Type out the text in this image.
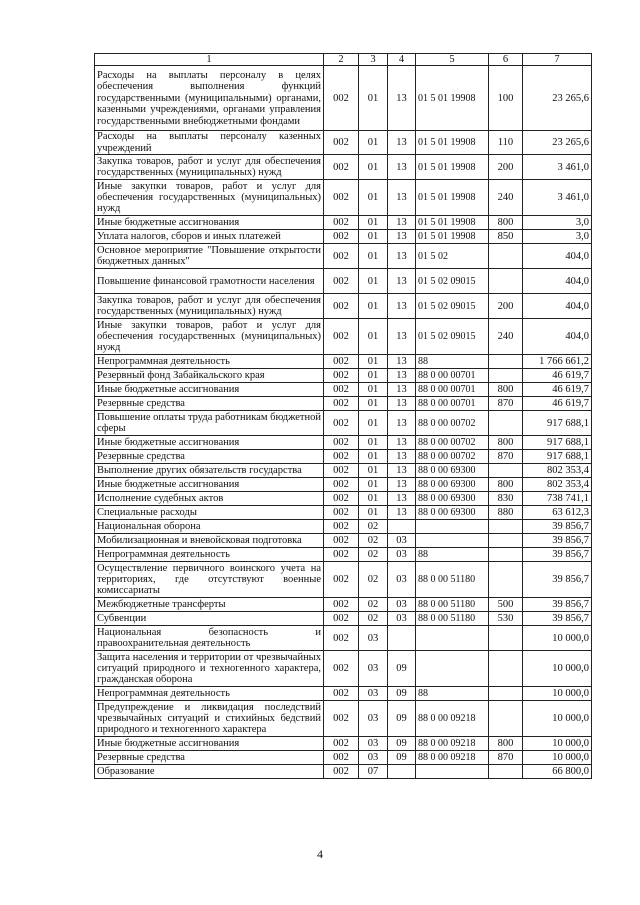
1	2	3	4	5	6	7
Расходы на выплаты персоналу в целях обеспечения выполнения функций государственными (муниципальными) органами, казенными учреждениями, органами управления государственными внебюджетными фондами	002	01	13	01 5 01 19908	100	23 265,6
Расходы на выплаты персоналу казенных учреждений	002	01	13	01 5 01 19908	110	23 265,6
Закупка товаров, работ и услуг для обеспечения государственных (муниципальных) нужд	002	01	13	01 5 01 19908	200	3 461,0
Иные закупки товаров, работ и услуг для обеспечения государственных (муниципальных) нужд	002	01	13	01 5 01 19908	240	3 461,0
Иные бюджетные ассигнования	002	01	13	01 5 01 19908	800	3,0
Уплата налогов, сборов и иных платежей	002	01	13	01 5 01 19908	850	3,0
Основное мероприятие "Повышение открытости бюджетных данных"	002	01	13	01 5 02		404,0
Повышение финансовой грамотности населения	002	01	13	01 5 02 09015		404,0
Закупка товаров, работ и услуг для обеспечения государственных (муниципальных) нужд	002	01	13	01 5 02 09015	200	404,0
Иные закупки товаров, работ и услуг для обеспечения государственных (муниципальных) нужд	002	01	13	01 5 02 09015	240	404,0
Непрограммная деятельность	002	01	13	88		1 766 661,2
Резервный фонд Забайкальского края	002	01	13	88 0 00 00701		46 619,7
Иные бюджетные ассигнования	002	01	13	88 0 00 00701	800	46 619,7
Резервные средства	002	01	13	88 0 00 00701	870	46 619,7
Повышение оплаты труда работникам бюджетной сферы	002	01	13	88 0 00 00702		917 688,1
Иные бюджетные ассигнования	002	01	13	88 0 00 00702	800	917 688,1
Резервные средства	002	01	13	88 0 00 00702	870	917 688,1
Выполнение других обязательств государства	002	01	13	88 0 00 69300		802 353,4
Иные бюджетные ассигнования	002	01	13	88 0 00 69300	800	802 353,4
Исполнение судебных актов	002	01	13	88 0 00 69300	830	738 741,1
Специальные расходы	002	01	13	88 0 00 69300	880	63 612,3
Национальная оборона	002	02				39 856,7
Мобилизационная и вневойсковая подготовка	002	02	03			39 856,7
Непрограммная деятельность	002	02	03	88		39 856,7
Осуществление первичного воинского учета на территориях, где отсутствуют военные комиссариаты	002	02	03	88 0 00 51180		39 856,7
Межбюджетные трансферты	002	02	03	88 0 00 51180	500	39 856,7
Субвенции	002	02	03	88 0 00 51180	530	39 856,7
Национальная безопасность и правоохранительная деятельность	002	03				10 000,0
Защита населения и территории от чрезвычайных ситуаций природного и техногенного характера, гражданская оборона	002	03	09			10 000,0
Непрограммная деятельность	002	03	09	88		10 000,0
Предупреждение и ликвидация последствий чрезвычайных ситуаций и стихийных бедствий природного и техногенного характера	002	03	09	88 0 00 09218		10 000,0
Иные бюджетные ассигнования	002	03	09	88 0 00 09218	800	10 000,0
Резервные средства	002	03	09	88 0 00 09218	870	10 000,0
Образование	002	07				66 800,0
4
